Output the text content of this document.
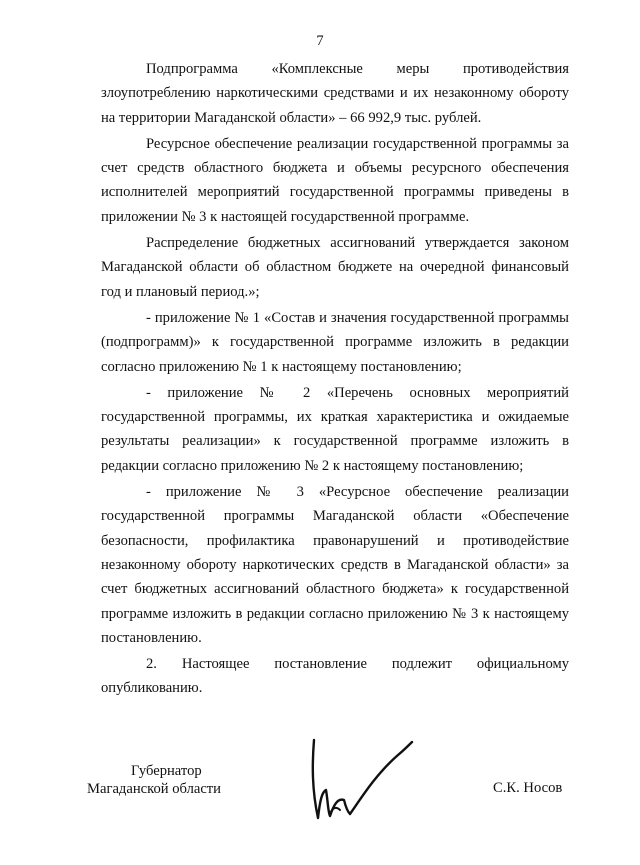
7

Подпрограмма «Комплексные меры противодействия злоупотреблению наркотическими средствами и их незаконному обороту на территории Магаданской области» – 66 992,9 тыс. рублей.

Ресурсное обеспечение реализации государственной программы за счет средств областного бюджета и объемы ресурсного обеспечения исполнителей мероприятий государственной программы приведены в приложении № 3 к настоящей государственной программе.

Распределение бюджетных ассигнований утверждается законом Магаданской области об областном бюджете на очередной финансовый год и плановый период.»;

- приложение № 1 «Состав и значения государственной программы (подпрограмм)» к государственной программе изложить в редакции согласно приложению № 1 к настоящему постановлению;

- приложение № 2 «Перечень основных мероприятий государственной программы, их краткая характеристика и ожидаемые результаты реализации» к государственной программе изложить в редакции согласно приложению № 2 к настоящему постановлению;

- приложение № 3 «Ресурсное обеспечение реализации государственной программы Магаданской области «Обеспечение безопасности, профилактика правонарушений и противодействие незаконному обороту наркотических средств в Магаданской области» за счет бюджетных ассигнований областного бюджета» к государственной программе изложить в редакции согласно приложению № 3 к настоящему постановлению.

2. Настоящее постановление подлежит официальному опубликованию.

Губернатор
Магаданской области	С.К. Носов
